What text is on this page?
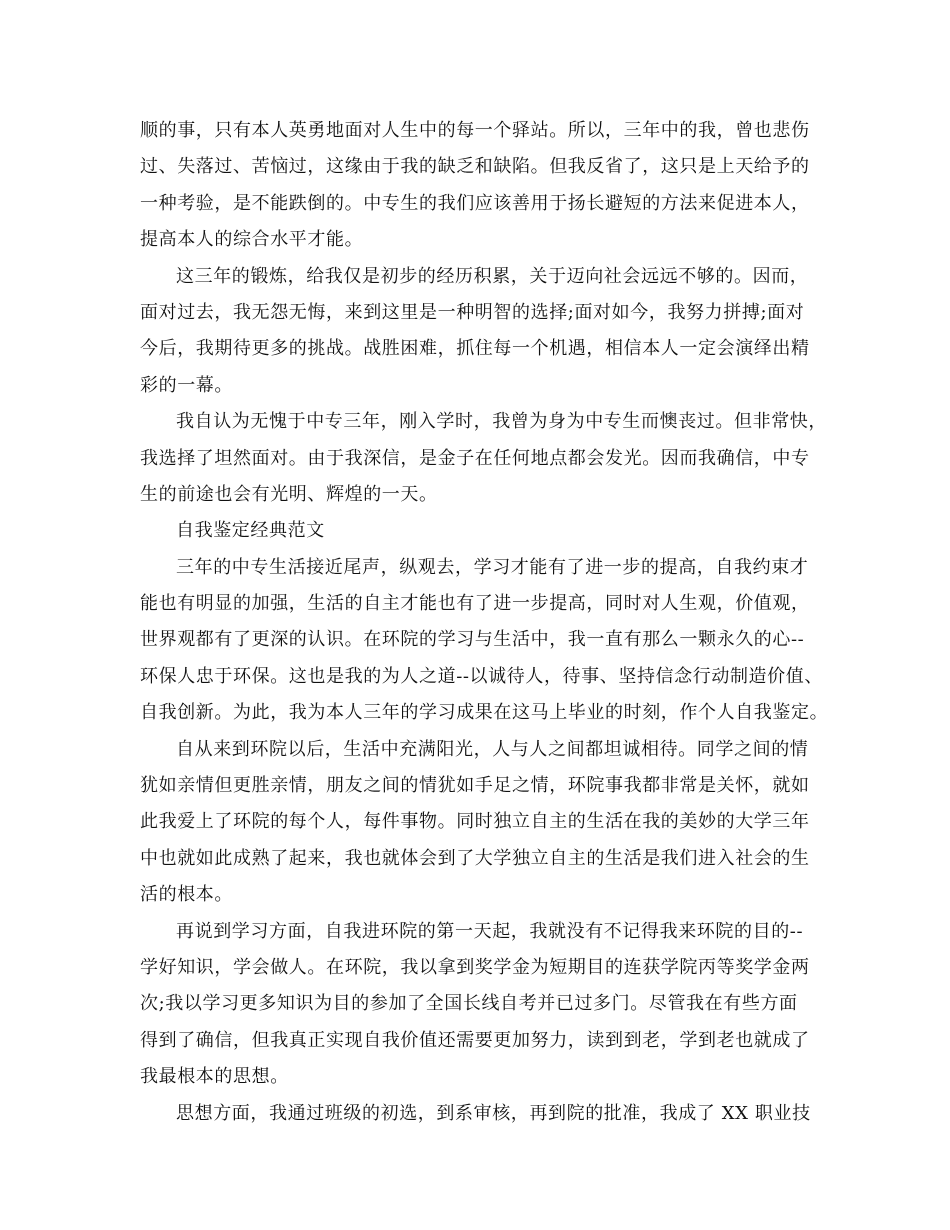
顺的事，只有本人英勇地面对人生中的每一个驿站。所以，三年中的我，曾也悲伤
过、失落过、苦恼过，这缘由于我的缺乏和缺陷。但我反省了，这只是上天给予的
一种考验，是不能跌倒的。中专生的我们应该善用于扬长避短的方法来促进本人，
提高本人的综合水平才能。
这三年的锻炼，给我仅是初步的经历积累，关于迈向社会远远不够的。因而，
面对过去，我无怨无悔，来到这里是一种明智的选择;面对如今，我努力拼搏;面对
今后，我期待更多的挑战。战胜困难，抓住每一个机遇，相信本人一定会演绎出精
彩的一幕。
我自认为无愧于中专三年，刚入学时，我曾为身为中专生而懊丧过。但非常快，
我选择了坦然面对。由于我深信，是金子在任何地点都会发光。因而我确信，中专
生的前途也会有光明、辉煌的一天。
自我鉴定经典范文
三年的中专生活接近尾声，纵观去，学习才能有了进一步的提高，自我约束才
能也有明显的加强，生活的自主才能也有了进一步提高，同时对人生观，价值观，
世界观都有了更深的认识。在环院的学习与生活中，我一直有那么一颗永久的心--
环保人忠于环保。这也是我的为人之道--以诚待人，待事、坚持信念行动制造价值、
自我创新。为此，我为本人三年的学习成果在这马上毕业的时刻，作个人自我鉴定。
自从来到环院以后，生活中充满阳光，人与人之间都坦诚相待。同学之间的情
犹如亲情但更胜亲情，朋友之间的情犹如手足之情，环院事我都非常是关怀，就如
此我爱上了环院的每个人，每件事物。同时独立自主的生活在我的美妙的大学三年
中也就如此成熟了起来，我也就体会到了大学独立自主的生活是我们进入社会的生
活的根本。
再说到学习方面，自我进环院的第一天起，我就没有不记得我来环院的目的--
学好知识，学会做人。在环院，我以拿到奖学金为短期目的连获学院丙等奖学金两
次;我以学习更多知识为目的参加了全国长线自考并已过多门。尽管我在有些方面
得到了确信，但我真正实现自我价值还需要更加努力，读到到老，学到老也就成了
我最根本的思想。
思想方面，我通过班级的初选，到系审核，再到院的批准，我成了 XX 职业技
